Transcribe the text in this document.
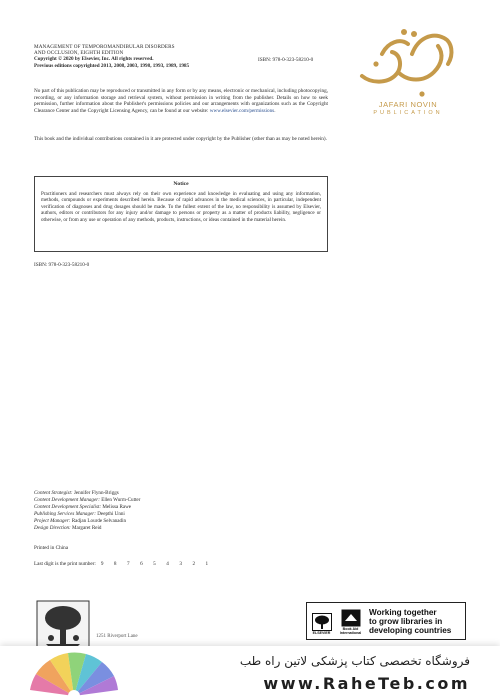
MANAGEMENT OF TEMPOROMANDIBULAR DISORDERS
AND OCCLUSION, EIGHTH EDITION
Copyright © 2020 by Elsevier, Inc. All rights reserved.
Previous editions copyrighted 2013, 2008, 2003, 1998, 1993, 1989, 1985
ISBN: 978-0-323-58210-0
JAFARI NOVIN
PUBLICATION
No part of this publication may be reproduced or transmitted in any form or by any means, electronic or mechanical, including photocopying, recording, or any information storage and retrieval system, without permission in writing from the publisher. Details on how to seek permission, further information about the Publisher's permissions policies and our arrangements with organizations such as the Copyright Clearance Center and the Copyright Licensing Agency, can be found at our website: www.elsevier.com/permissions.
This book and the individual contributions contained in it are protected under copyright by the Publisher (other than as may be noted herein).
Notice
Practitioners and researchers must always rely on their own experience and knowledge in evaluating and using any information, methods, compounds or experiments described herein. Because of rapid advances in the medical sciences, in particular, independent verification of diagnoses and drug dosages should be made. To the fullest extent of the law, no responsibility is assumed by Elsevier, authors, editors or contributors for any injury and/or damage to persons or property as a matter of products liability, negligence or otherwise, or from any use or operation of any methods, products, instructions, or ideas contained in the material herein.
ISBN: 978-0-323-58210-0
Content Strategist: Jennifer Flynn-Briggs
Content Development Manager: Ellen Wurm-Cutter
Content Development Specialist: Melissa Rawe
Publishing Services Manager: Deepthi Unni
Project Manager: Radjan Lourde Selvanadin
Design Direction: Margaret Reid
Printed in China
Last digit is the print number: 9 8 7 6 5 4 3 2 1
1251 Riverport Lane
ELSEVIER
Book Aid International
Working together
to grow libraries in
developing countries
فروشگاه تخصصی کتاب پزشکی لاتین راه طب
www.RaheTeb.com
